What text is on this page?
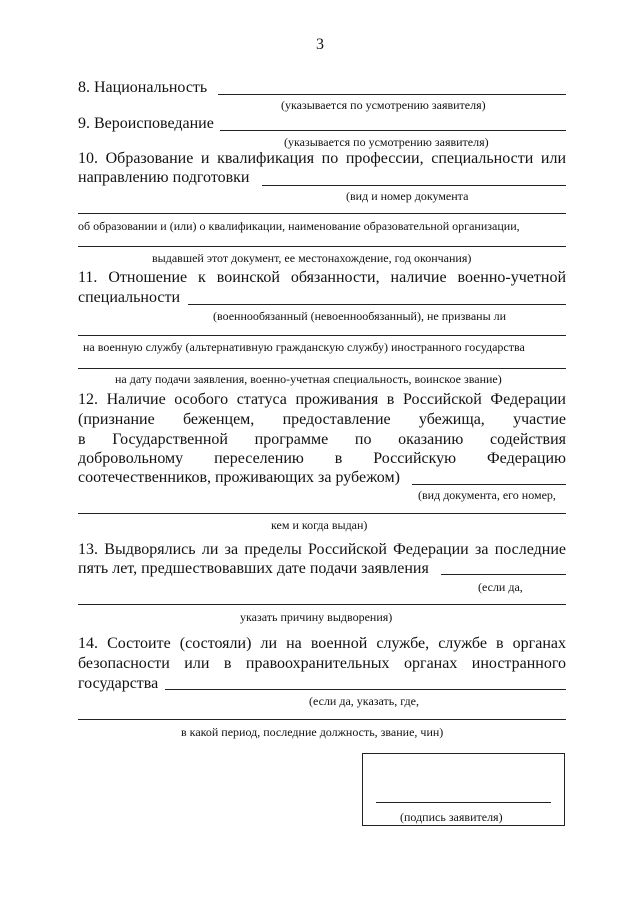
3
8. Национальность
(указывается по усмотрению заявителя)
9. Вероисповедание
(указывается по усмотрению заявителя)
10. Образование и квалификация по профессии, специальности или
направлению подготовки
(вид и номер документа
об образовании и (или) о квалификации, наименование образовательной организации,
выдавшей этот документ, ее местонахождение, год окончания)
11. Отношение к воинской обязанности, наличие военно-учетной
специальности
(военнообязанный (невоеннообязанный), не призваны ли
на военную службу (альтернативную гражданскую службу) иностранного государства
на дату подачи заявления, военно-учетная специальность, воинское звание)
12. Наличие особого статуса проживания в Российской Федерации
(признание беженцем, предоставление убежища, участие
в Государственной программе по оказанию содействия
добровольному переселению в Российскую Федерацию
соотечественников, проживающих за рубежом)
(вид документа, его номер,
кем и когда выдан)
13. Выдворялись ли за пределы Российской Федерации за последние
пять лет, предшествовавших дате подачи заявления
(если да,
указать причину выдворения)
14. Состоите (состояли) ли на военной службе, службе в органах
безопасности или в правоохранительных органах иностранного
государства
(если да, указать, где,
в какой период, последние должность, звание, чин)
(подпись заявителя)
